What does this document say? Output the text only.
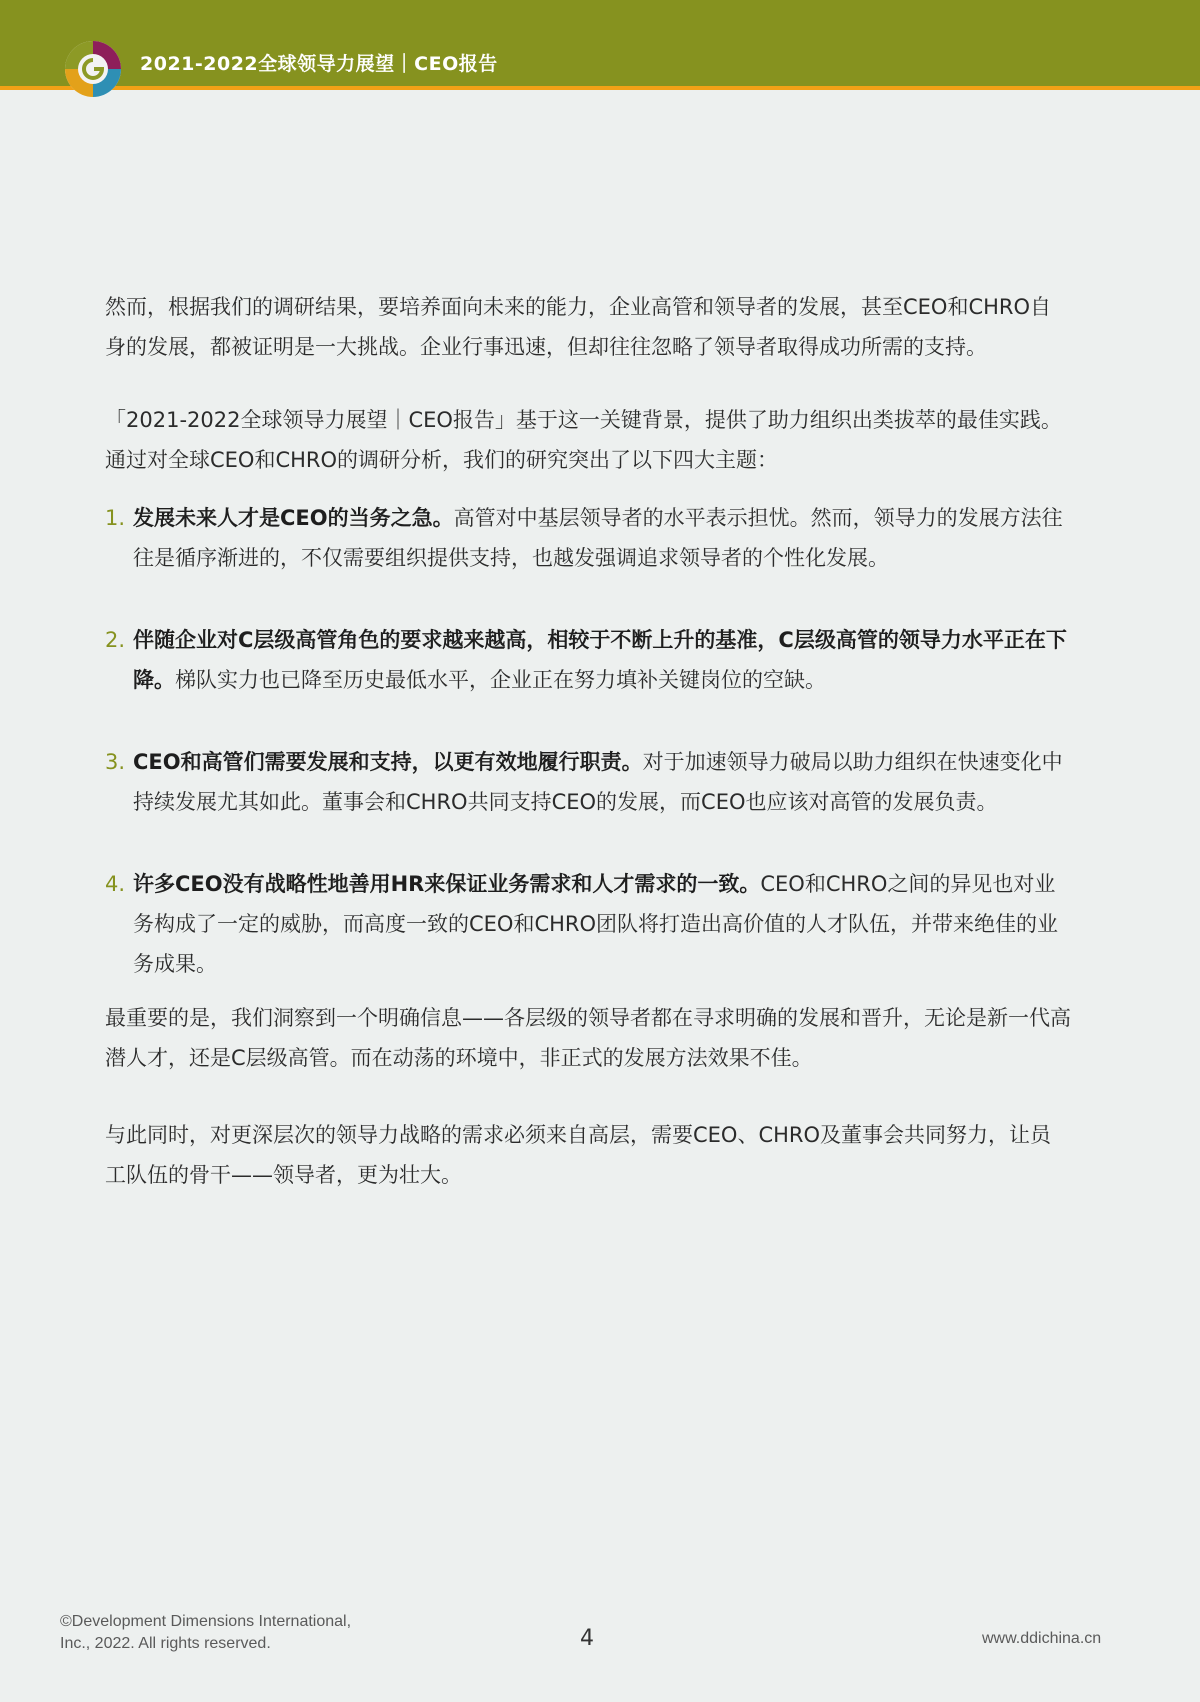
2021-2022全球领导力展望｜CEO报告

然而，根据我们的调研结果，要培养面向未来的能力，企业高管和领导者的发展，甚至CEO和CHRO自身的发展，都被证明是一大挑战。企业行事迅速，但却往往忽略了领导者取得成功所需的支持。

「2021-2022全球领导力展望｜CEO报告」基于这一关键背景，提供了助力组织出类拔萃的最佳实践。通过对全球CEO和CHRO的调研分析，我们的研究突出了以下四大主题：

1. 发展未来人才是CEO的当务之急。高管对中基层领导者的水平表示担忧。然而，领导力的发展方法往往是循序渐进的，不仅需要组织提供支持，也越发强调追求领导者的个性化发展。
2. 伴随企业对C层级高管角色的要求越来越高，相较于不断上升的基准，C层级高管的领导力水平正在下降。梯队实力也已降至历史最低水平，企业正在努力填补关键岗位的空缺。
3. CEO和高管们需要发展和支持，以更有效地履行职责。对于加速领导力破局以助力组织在快速变化中持续发展尤其如此。董事会和CHRO共同支持CEO的发展，而CEO也应该对高管的发展负责。
4. 许多CEO没有战略性地善用HR来保证业务需求和人才需求的一致。CEO和CHRO之间的异见也对业务构成了一定的威胁，而高度一致的CEO和CHRO团队将打造出高价值的人才队伍，并带来绝佳的业务成果。

最重要的是，我们洞察到一个明确信息——各层级的领导者都在寻求明确的发展和晋升，无论是新一代高潜人才，还是C层级高管。而在动荡的环境中，非正式的发展方法效果不佳。

与此同时，对更深层次的领导力战略的需求必须来自高层，需要CEO、CHRO及董事会共同努力，让员工队伍的骨干——领导者，更为壮大。

©Development Dimensions International,
Inc., 2022. All rights reserved.	4	www.ddichina.cn
